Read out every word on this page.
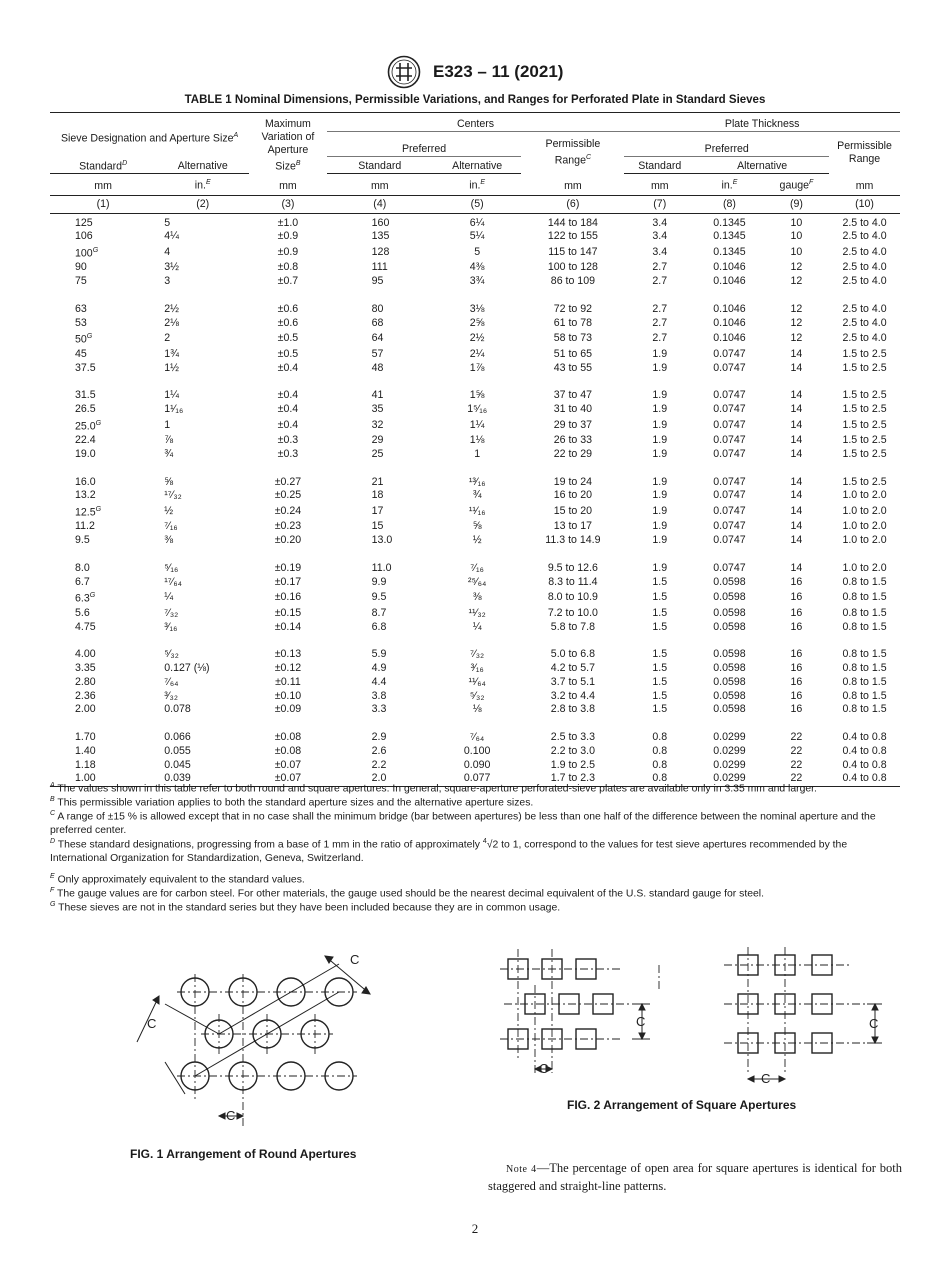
E323 – 11 (2021)
TABLE 1 Nominal Dimensions, Permissible Variations, and Ranges for Perforated Plate in Standard Sieves
Sieve Designation and Aperture Size$^A$		Maximum
Variation of
Aperture
Size$^B$	Centers			Plate Thickness			
			Preferred		Permissible
Range$^C$	Preferred			Permissible
Range
Standard$^D$	Alternative		Standard	Alternative		Standard	Alternative		
mm	in.$^E$	mm	mm	in.$^E$	mm	mm	in.$^E$	gauge$^F$	mm
(1)	(2)	(3)	(4)	(5)	(6)	(7)	(8)	(9)	(10)

125	5	±1.0	160	6¼	144 to 184	3.4	0.1345	10	2.5 to 4.0
106	4¼	±0.9	135	5¼	122 to 155	3.4	0.1345	10	2.5 to 4.0
$100^G$	4	±0.9	128	5	115 to 147	3.4	0.1345	10	2.5 to 4.0
90	3½	±0.8	111	4⅜	100 to 128	2.7	0.1046	12	2.5 to 4.0
75	3	±0.7	95	3¾	86 to 109	2.7	0.1046	12	2.5 to 4.0

63	2½	±0.6	80	3⅛	72 to 92	2.7	0.1046	12	2.5 to 4.0
53	2⅛	±0.6	68	2⅝	61 to 78	2.7	0.1046	12	2.5 to 4.0
$50^G$	2	±0.5	64	2½	58 to 73	2.7	0.1046	12	2.5 to 4.0
45	1¾	±0.5	57	2¼	51 to 65	1.9	0.0747	14	1.5 to 2.5
37.5	1½	±0.4	48	1⅞	43 to 55	1.9	0.0747	14	1.5 to 2.5

31.5	1¼	±0.4	41	1⅝	37 to 47	1.9	0.0747	14	1.5 to 2.5
26.5	1¹⁄₁₆	±0.4	35	1⁵⁄₁₆	31 to 40	1.9	0.0747	14	1.5 to 2.5
$25.0^G$	1	±0.4	32	1¼	29 to 37	1.9	0.0747	14	1.5 to 2.5
22.4	⅞	±0.3	29	1⅛	26 to 33	1.9	0.0747	14	1.5 to 2.5
19.0	¾	±0.3	25	1	22 to 29	1.9	0.0747	14	1.5 to 2.5

16.0	⅝	±0.27	21	¹³⁄₁₆	19 to 24	1.9	0.0747	14	1.5 to 2.5
13.2	¹⁷⁄₃₂	±0.25	18	¾	16 to 20	1.9	0.0747	14	1.0 to 2.0
$12.5^G$	½	±0.24	17	¹¹⁄₁₆	15 to 20	1.9	0.0747	14	1.0 to 2.0
11.2	⁷⁄₁₆	±0.23	15	⅝	13 to 17	1.9	0.0747	14	1.0 to 2.0
9.5	⅜	±0.20	13.0	½	11.3 to 14.9	1.9	0.0747	14	1.0 to 2.0

8.0	⁵⁄₁₆	±0.19	11.0	⁷⁄₁₆	9.5 to 12.6	1.9	0.0747	14	1.0 to 2.0
6.7	¹⁷⁄₆₄	±0.17	9.9	²⁵⁄₆₄	8.3 to 11.4	1.5	0.0598	16	0.8 to 1.5
$6.3^G$	¼	±0.16	9.5	⅜	8.0 to 10.9	1.5	0.0598	16	0.8 to 1.5
5.6	⁷⁄₃₂	±0.15	8.7	¹¹⁄₃₂	7.2 to 10.0	1.5	0.0598	16	0.8 to 1.5
4.75	³⁄₁₆	±0.14	6.8	¼	5.8 to 7.8	1.5	0.0598	16	0.8 to 1.5

4.00	⁵⁄₃₂	±0.13	5.9	⁷⁄₃₂	5.0 to 6.8	1.5	0.0598	16	0.8 to 1.5
3.35	0.127 (⅛)	±0.12	4.9	³⁄₁₆	4.2 to 5.7	1.5	0.0598	16	0.8 to 1.5
2.80	⁷⁄₆₄	±0.11	4.4	¹¹⁄₆₄	3.7 to 5.1	1.5	0.0598	16	0.8 to 1.5
2.36	³⁄₃₂	±0.10	3.8	⁵⁄₃₂	3.2 to 4.4	1.5	0.0598	16	0.8 to 1.5
2.00	0.078	±0.09	3.3	⅛	2.8 to 3.8	1.5	0.0598	16	0.8 to 1.5

1.70	0.066	±0.08	2.9	⁷⁄₆₄	2.5 to 3.3	0.8	0.0299	22	0.4 to 0.8
1.40	0.055	±0.08	2.6	0.100	2.2 to 3.0	0.8	0.0299	22	0.4 to 0.8
1.18	0.045	±0.07	2.2	0.090	1.9 to 2.5	0.8	0.0299	22	0.4 to 0.8
1.00	0.039	±0.07	2.0	0.077	1.7 to 2.3	0.8	0.0299	22	0.4 to 0.8
$^A$ The values shown in this table refer to both round and square apertures. In general, square-aperture perforated-sieve plates are available only in 3.35 mm and larger.
$^B$ This permissible variation applies to both the standard aperture sizes and the alternative aperture sizes.
$^C$ A range of ±15 % is allowed except that in no case shall the minimum bridge (bar between apertures) be less than one half of the difference between the nominal aperture and the preferred center.
$^D$ These standard designations, progressing from a base of 1 mm in the ratio of approximately $^4$√2 to 1, correspond to the values for test sieve apertures recommended by the International Organization for Standardization, Geneva, Switzerland.
$^E$ Only approximately equivalent to the standard values.
$^F$ The gauge values are for carbon steel. For other materials, the gauge used should be the nearest decimal equivalent of the U.S. standard gauge for steel.
$^G$ These sieves are not in the standard series but they have been included because they are in common usage.
C
C
C
FIG. 1 Arrangement of Round Apertures
C	C
C
C
FIG. 2 Arrangement of Square Apertures
Note 4—The percentage of open area for square apertures is identical for both staggered and straight-line patterns.
2
